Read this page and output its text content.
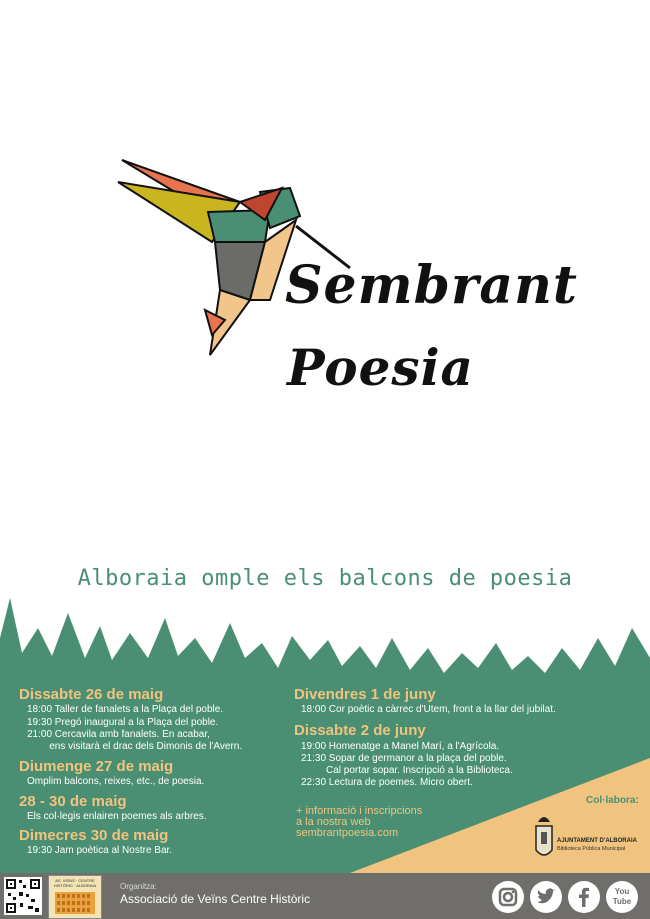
Sembrant
Poesia
Alboraia omple els balcons de poesia
Dissabte 26 de maig
18:00 Taller de fanalets a la Plaça del poble.
19:30 Pregó inaugural a la Plaça del poble.
21:00 Cercavila amb fanalets. En acabar,
ens visitarà el drac dels Dimonis de l'Avern.
Diumenge 27 de maig
Omplim balcons, reixes, etc., de poesia.
28 - 30 de maig
Els col·legis enlairen poemes als arbres.
Dimecres 30 de maig
19:30 Jam poètica al Nostre Bar.
Divendres 1 de juny
18:00 Cor poètic a càrrec d'Utem, front a la llar del jubilat.
Dissabte 2 de juny
19:00 Homenatge a Manel Marí, a l'Agrícola.
21:30 Sopar de germanor a la plaça del poble.
Cal portar sopar. Inscripció a la Biblioteca.
22:30 Lectura de poemes. Micro obert.
+ informació i inscripcions
a la nostra web
sembrantpoesia.com
Col·labora:
AJUNTAMENT D'ALBORAIA
Biblioteca Pública Municipal
AS. VEÏNS · CENTRE HISTÒRIC · ALBORAIA	Organitza:
Associació de Veïns Centre Històric
You Tube
